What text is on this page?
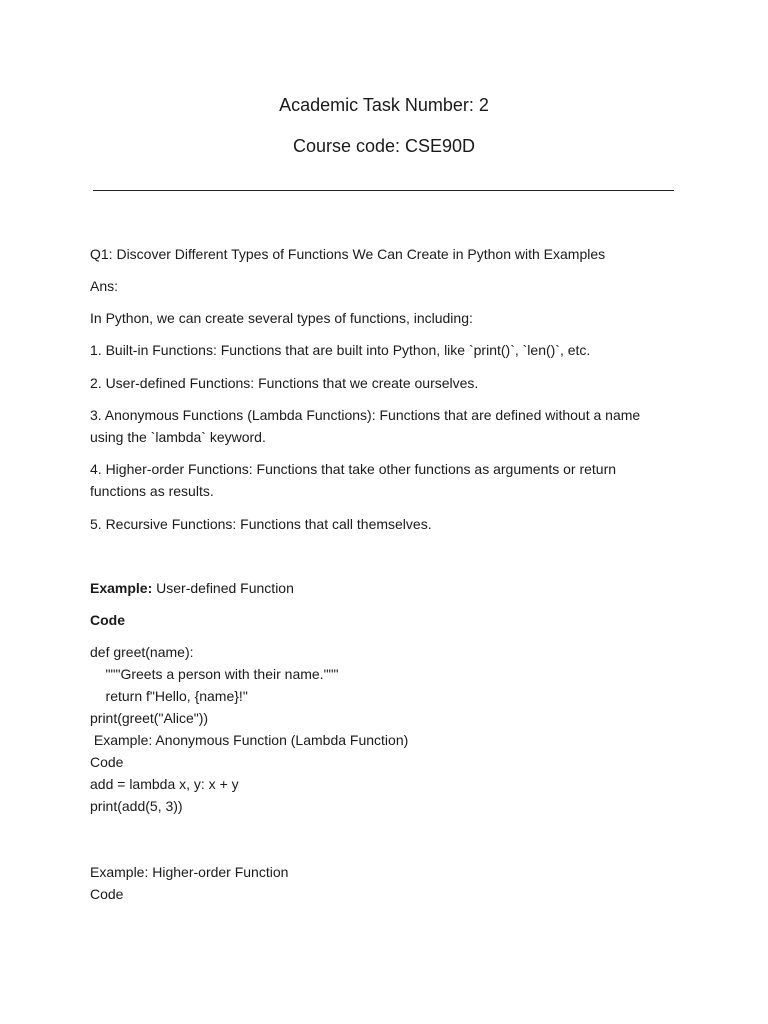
Academic Task Number: 2
Course code: CSE90D

Q1: Discover Different Types of Functions We Can Create in Python with Examples

Ans:

In Python, we can create several types of functions, including:

1. Built-in Functions: Functions that are built into Python, like `print()`, `len()`, etc.

2. User-defined Functions: Functions that we create ourselves.

3. Anonymous Functions (Lambda Functions): Functions that are defined without a name

using the `lambda` keyword.

4. Higher-order Functions: Functions that take other functions as arguments or return

functions as results.

5. Recursive Functions: Functions that call themselves.

Example: User-defined Function

Code

def greet(name):

"""Greets a person with their name."""

return f"Hello, {name}!"

print(greet("Alice"))

Example: Anonymous Function (Lambda Function)

Code

add = lambda x, y: x + y

print(add(5, 3))

Example: Higher-order Function

Code
